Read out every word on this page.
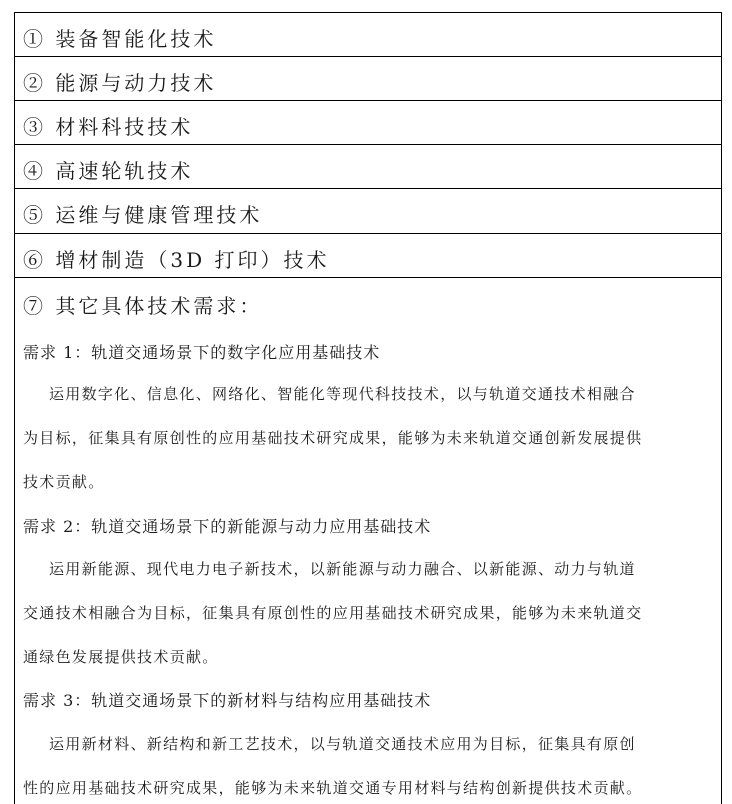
① 装备智能化技术
② 能源与动力技术
③ 材料科技技术
④ 高速轮轨技术
⑤ 运维与健康管理技术
⑥ 增材制造（3D 打印）技术
⑦ 其它具体技术需求：
需求 1：轨道交通场景下的数字化应用基础技术
运用数字化、信息化、网络化、智能化等现代科技技术，以与轨道交通技术相融合
为目标，征集具有原创性的应用基础技术研究成果，能够为未来轨道交通创新发展提供
技术贡献。
需求 2：轨道交通场景下的新能源与动力应用基础技术
运用新能源、现代电力电子新技术，以新能源与动力融合、以新能源、动力与轨道
交通技术相融合为目标，征集具有原创性的应用基础技术研究成果，能够为未来轨道交
通绿色发展提供技术贡献。
需求 3：轨道交通场景下的新材料与结构应用基础技术
运用新材料、新结构和新工艺技术，以与轨道交通技术应用为目标，征集具有原创
性的应用基础技术研究成果，能够为未来轨道交通专用材料与结构创新提供技术贡献。
